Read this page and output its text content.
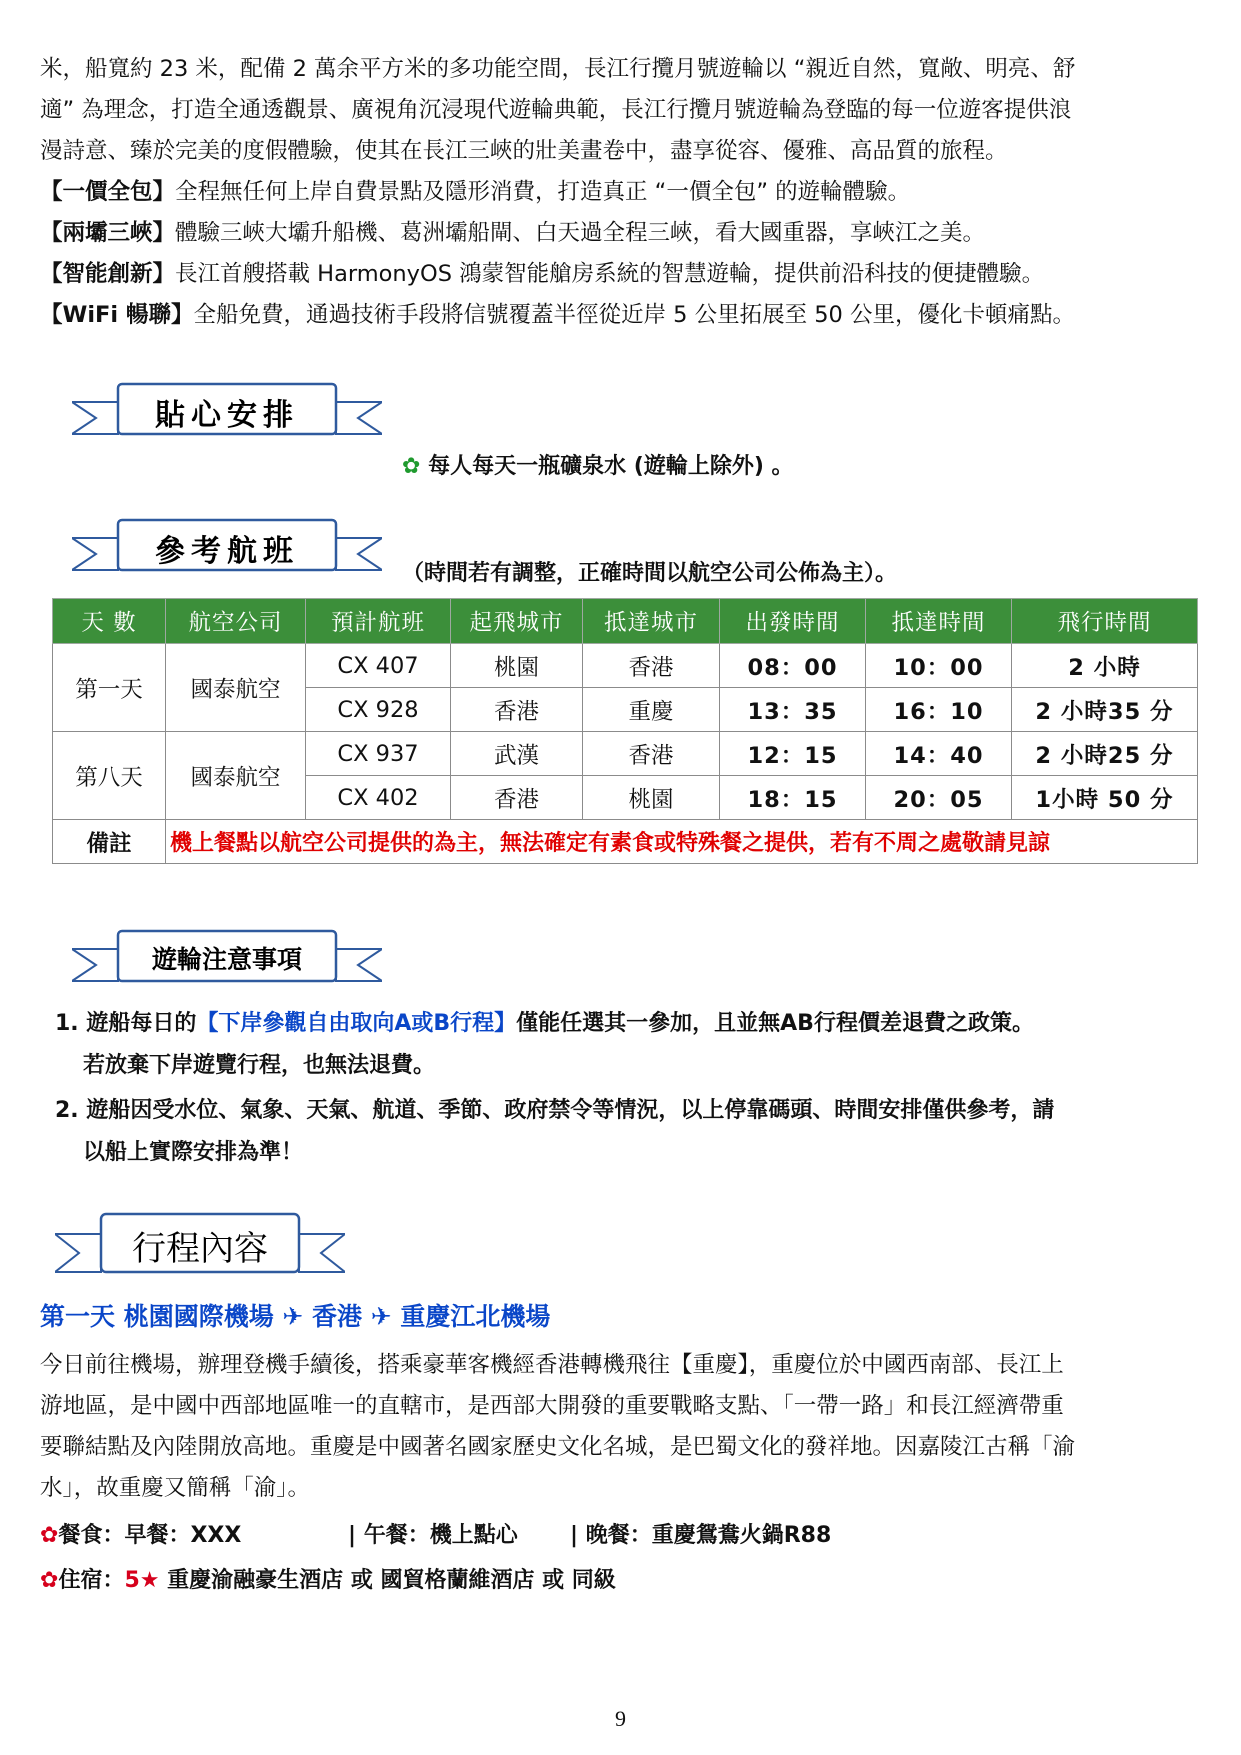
米，船寬約 23 米，配備 2 萬余平方米的多功能空間，長江行攬月號遊輪以 “親近自然，寬敞、明亮、舒
適” 為理念，打造全通透觀景、廣視角沉浸現代遊輪典範，長江行攬月號遊輪為登臨的每一位遊客提供浪
漫詩意、臻於完美的度假體驗，使其在長江三峽的壯美畫卷中，盡享從容、優雅、高品質的旅程。
【一價全包】全程無任何上岸自費景點及隱形消費，打造真正 “一價全包” 的遊輪體驗。
【兩壩三峽】體驗三峽大壩升船機、葛洲壩船閘、白天過全程三峽，看大國重器，享峽江之美。
【智能創新】長江首艘搭載 HarmonyOS 鴻蒙智能艙房系統的智慧遊輪，提供前沿科技的便捷體驗。
【WiFi 暢聯】全船免費，通過技術手段將信號覆蓋半徑從近岸 5 公里拓展至 50 公里，優化卡頓痛點。
貼心安排
✿ 每人每天一瓶礦泉水 (遊輪上除外) 。
參考航班
（時間若有調整，正確時間以航空公司公佈為主）。
天 數	航空公司	預計航班	起飛城市	抵達城市	出發時間	抵達時間	飛行時間
第一天	國泰航空	CX 407	桃園	香港	08：00	10：00	2 小時
		CX 928	香港	重慶	13：35	16：10	2 小時35 分
第八天	國泰航空	CX 937	武漢	香港	12：15	14：40	2 小時25 分
		CX 402	香港	桃園	18：15	20：05	1小時 50 分
備註	機上餐點以航空公司提供的為主，無法確定有素食或特殊餐之提供，若有不周之處敬請見諒						
遊輪注意事項
1. 遊船每日的【下岸參觀自由取向A或B行程】僅能任選其一參加，且並無AB行程價差退費之政策。
若放棄下岸遊覽行程，也無法退費。
2. 遊船因受水位、氣象、天氣、航道、季節、政府禁令等情況，以上停靠碼頭、時間安排僅供參考，請
以船上實際安排為準！
行程內容
第一天 桃園國際機場 ✈ 香港 ✈ 重慶江北機場
今日前往機場，辦理登機手續後，搭乘豪華客機經香港轉機飛往【重慶】，重慶位於中國西南部、長江上
游地區，是中國中西部地區唯一的直轄市，是西部大開發的重要戰略支點、「一帶一路」和長江經濟帶重
要聯結點及內陸開放高地。重慶是中國著名國家歷史文化名城，是巴蜀文化的發祥地。因嘉陵江古稱「渝
水」，故重慶又簡稱「渝」。
✿餐食：早餐：XXX	| 午餐：機上點心 | 晚餐：重慶鴛鴦火鍋R88
✿住宿：5★ 重慶渝融豪生酒店 或 國貿格蘭維酒店 或 同級
9
